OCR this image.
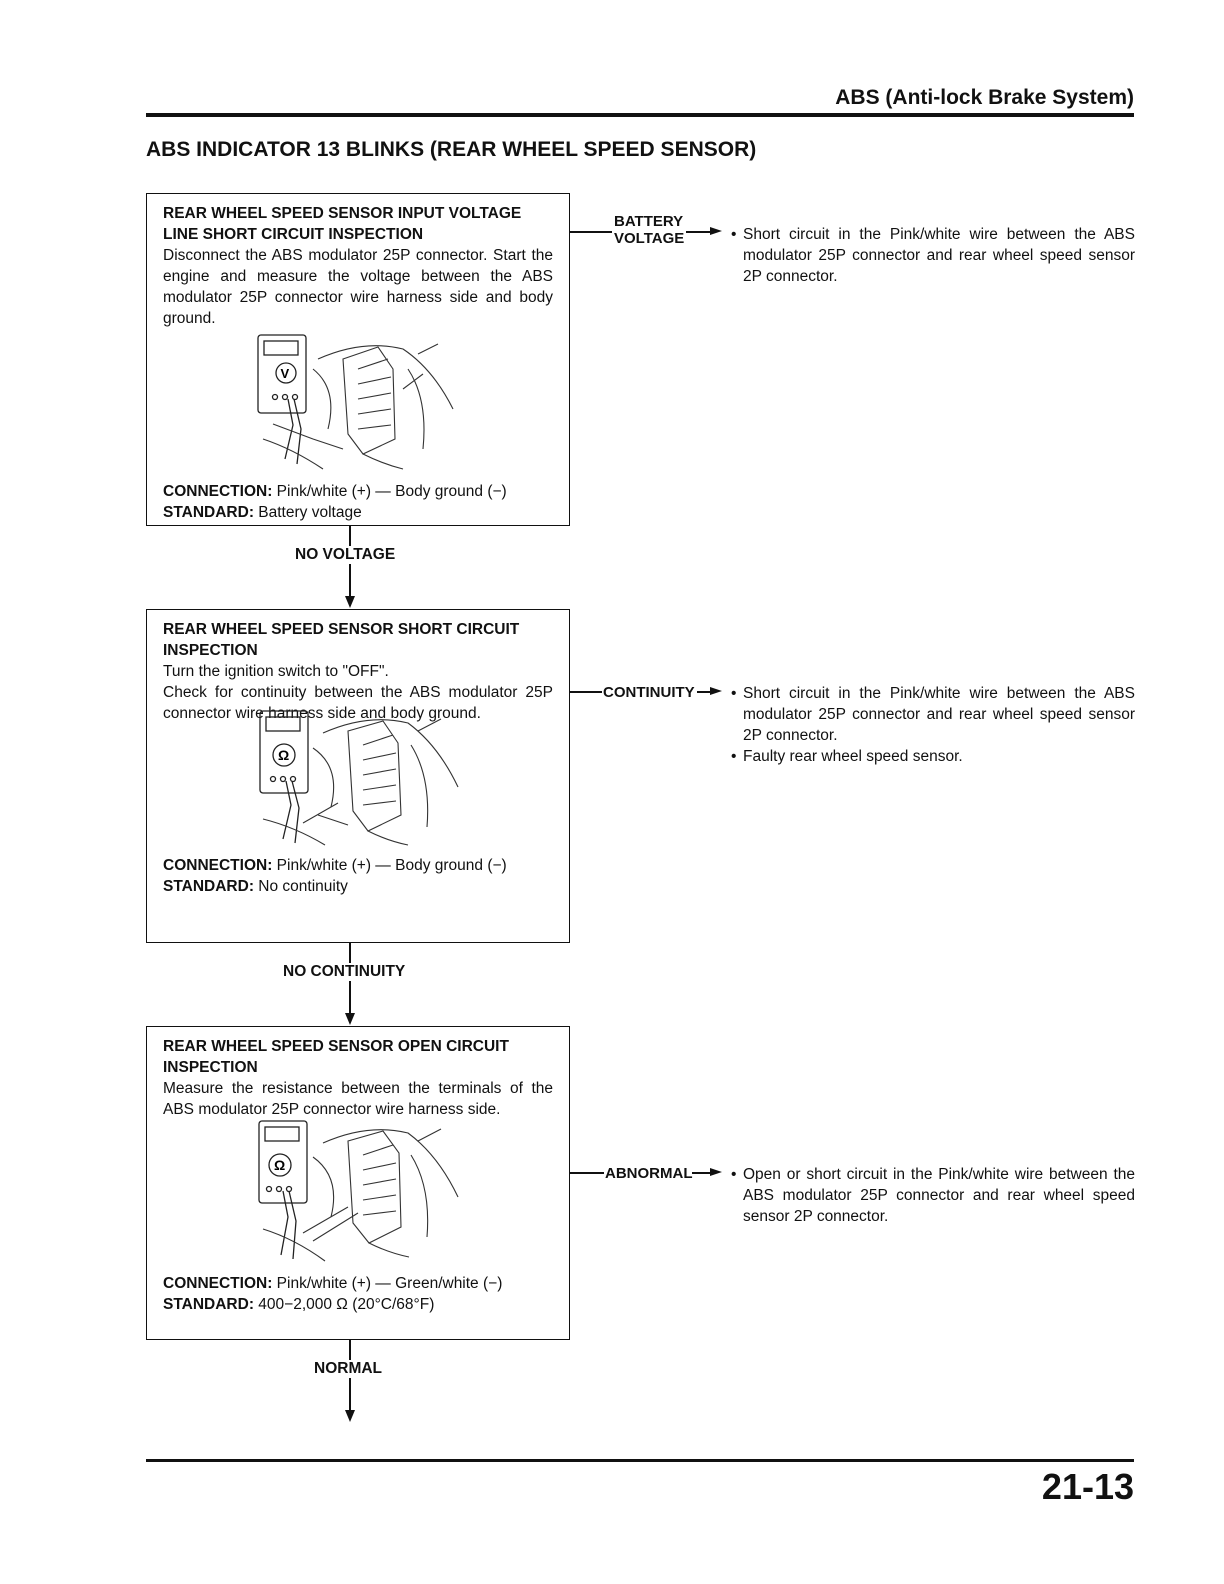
ABS (Anti-lock Brake System)
ABS INDICATOR 13 BLINKS (REAR WHEEL SPEED SENSOR)
REAR WHEEL SPEED SENSOR INPUT VOLTAGE LINE SHORT CIRCUIT INSPECTION
Disconnect the ABS modulator 25P connector. Start the engine and measure the voltage between the ABS modulator 25P connector wire harness side and body ground.
V
CONNECTION: Pink/white (+) — Body ground (−)
STANDARD: Battery voltage
BATTERY
VOLTAGE	• Short circuit in the Pink/white wire between the ABS modulator 25P connector and rear wheel speed sensor 2P connector.
NO VOLTAGE
REAR WHEEL SPEED SENSOR SHORT CIRCUIT INSPECTION
Turn the ignition switch to "OFF".
Check for continuity between the ABS modulator 25P connector wire harness side and body ground.
Ω
CONNECTION: Pink/white (+) — Body ground (−)
STANDARD: No continuity
CONTINUITY	• Short circuit in the Pink/white wire between the ABS modulator 25P connector and rear wheel speed sensor 2P connector.
• Faulty rear wheel speed sensor.
NO CONTINUITY
REAR WHEEL SPEED SENSOR OPEN CIRCUIT INSPECTION
Measure the resistance between the terminals of the ABS modulator 25P connector wire harness side.
Ω
CONNECTION: Pink/white (+) — Green/white (−)
STANDARD: 400−2,000 Ω (20°C/68°F)
ABNORMAL	• Open or short circuit in the Pink/white wire between the ABS modulator 25P connector and rear wheel speed sensor 2P connector.
NORMAL
21-13
